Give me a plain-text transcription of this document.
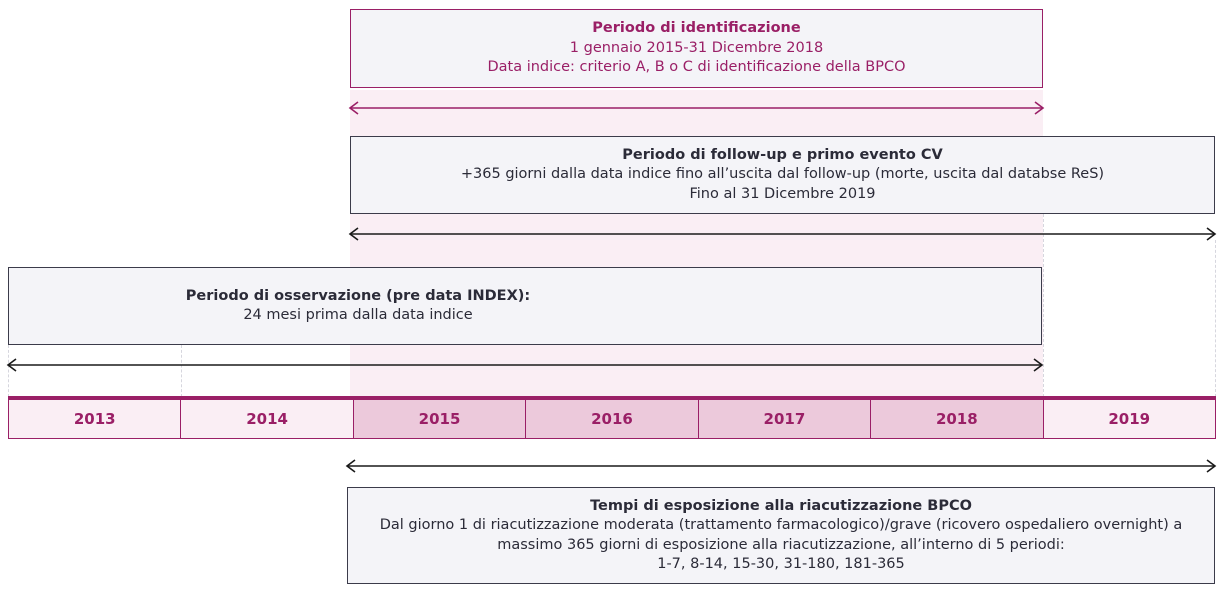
Periodo di identificazione
1 gennaio 2015-31 Dicembre 2018
Data indice: criterio A, B o C di identificazione della BPCO
Periodo di follow-up e primo evento CV
+365 giorni dalla data indice fino all’uscita dal follow-up (morte, uscita dal databse ReS)
Fino al 31 Dicembre 2019
Periodo di osservazione (pre data INDEX):
24 mesi prima dalla data indice
2013	2014	2015	2016	2017	2018	2019
Tempi di esposizione alla riacutizzazione BPCO
Dal giorno 1 di riacutizzazione moderata (trattamento farmacologico)/grave (ricovero ospedaliero overnight) a massimo 365 giorni di esposizione alla riacutizzazione, all’interno di 5 periodi:
1-7, 8-14, 15-30, 31-180, 181-365
